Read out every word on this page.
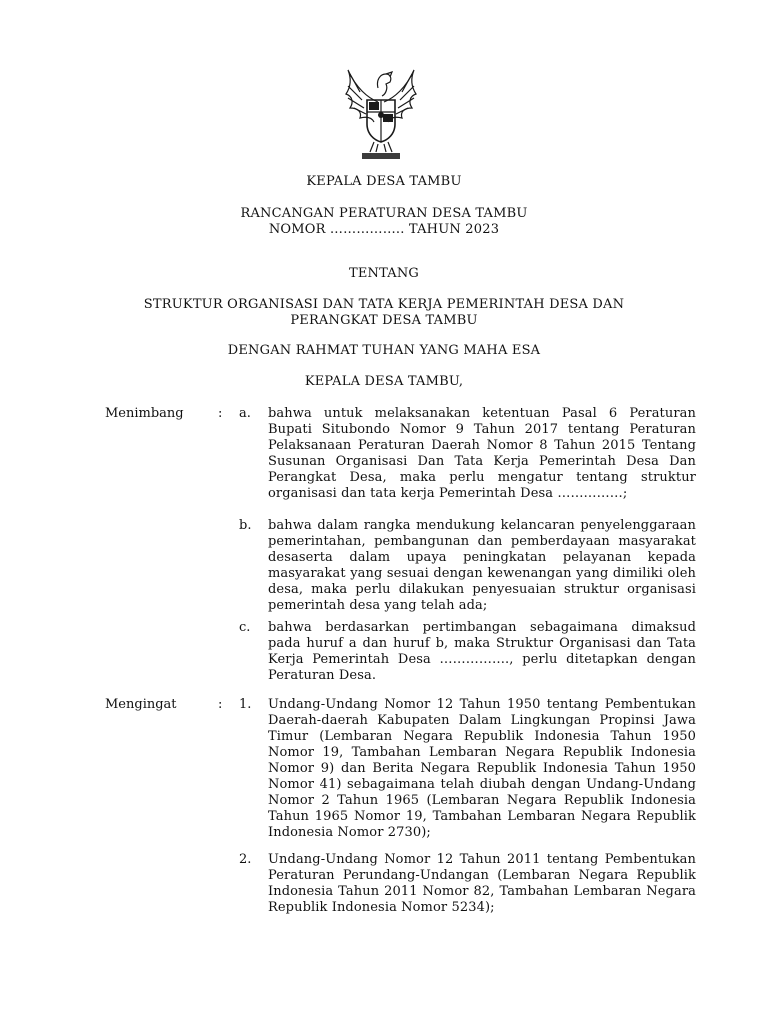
KEPALA DESA TAMBU
RANCANGAN PERATURAN DESA TAMBU
NOMOR …………….. TAHUN 2023
TENTANG
STRUKTUR ORGANISASI DAN TATA KERJA PEMERINTAH DESA DAN
PERANGKAT DESA TAMBU
DENGAN RAHMAT TUHAN YANG MAHA ESA
KEPALA DESA TAMBU,
Menimbang	:	a.	bahwa untuk melaksanakan ketentuan Pasal 6 Peraturan Bupati Situbondo Nomor 9 Tahun 2017 tentang Peraturan Pelaksanaan Peraturan Daerah Nomor 8 Tahun 2015 Tentang Susunan Organisasi Dan Tata Kerja Pemerintah Desa Dan Perangkat Desa, maka perlu mengatur tentang struktur organisasi dan tata kerja Pemerintah Desa ……………;
b.	bahwa dalam rangka mendukung kelancaran penyelenggaraan pemerintahan, pembangunan dan pemberdayaan masyarakat desaserta dalam upaya peningkatan pelayanan kepada masyarakat yang sesuai dengan kewenangan yang dimiliki oleh desa, maka perlu dilakukan penyesuaian struktur organisasi pemerintah desa yang telah ada;
c.	bahwa berdasarkan pertimbangan sebagaimana dimaksud pada huruf a dan huruf b, maka Struktur Organisasi dan Tata Kerja Pemerintah Desa ……………., perlu ditetapkan dengan Peraturan Desa.
Mengingat	:	1.	Undang-Undang Nomor 12 Tahun 1950 tentang Pembentukan Daerah-daerah Kabupaten Dalam Lingkungan Propinsi Jawa Timur (Lembaran Negara Republik Indonesia Tahun 1950 Nomor 19, Tambahan Lembaran Negara Republik Indonesia Nomor 9) dan Berita Negara Republik Indonesia Tahun 1950 Nomor 41) sebagaimana telah diubah dengan Undang-Undang Nomor 2 Tahun 1965 (Lembaran Negara Republik Indonesia Tahun 1965 Nomor 19, Tambahan Lembaran Negara Republik Indonesia Nomor 2730);
2.	Undang-Undang Nomor 12 Tahun 2011 tentang Pembentukan Peraturan Perundang-Undangan (Lembaran Negara Republik Indonesia Tahun 2011 Nomor 82, Tambahan Lembaran Negara Republik Indonesia Nomor 5234);
